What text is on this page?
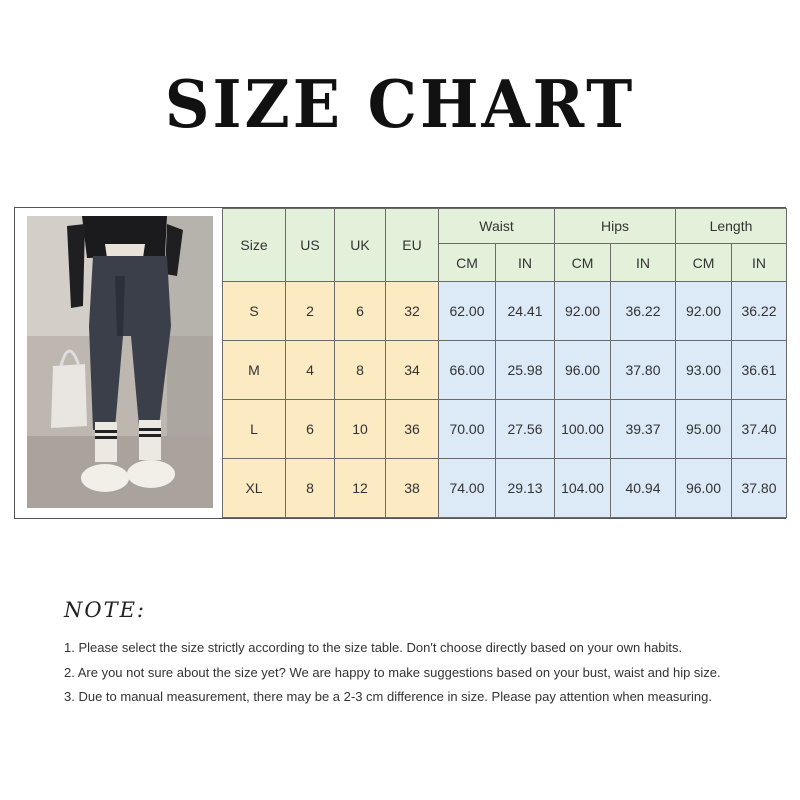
SIZE CHART
Size	US	UK	EU	Waist		Hips		Length	
				CM	IN	CM	IN	CM	IN
S	2	6	32	62.00	24.41	92.00	36.22	92.00	36.22
M	4	8	34	66.00	25.98	96.00	37.80	93.00	36.61
L	6	10	36	70.00	27.56	100.00	39.37	95.00	37.40
XL	8	12	38	74.00	29.13	104.00	40.94	96.00	37.80
NOTE:
1. Please select the size strictly according to the size table. Don't choose directly based on your own habits.
2. Are you not sure about the size yet? We are happy to make suggestions based on your bust, waist and hip size.
3. Due to manual measurement, there may be a 2-3 cm difference in size. Please pay attention when measuring.
